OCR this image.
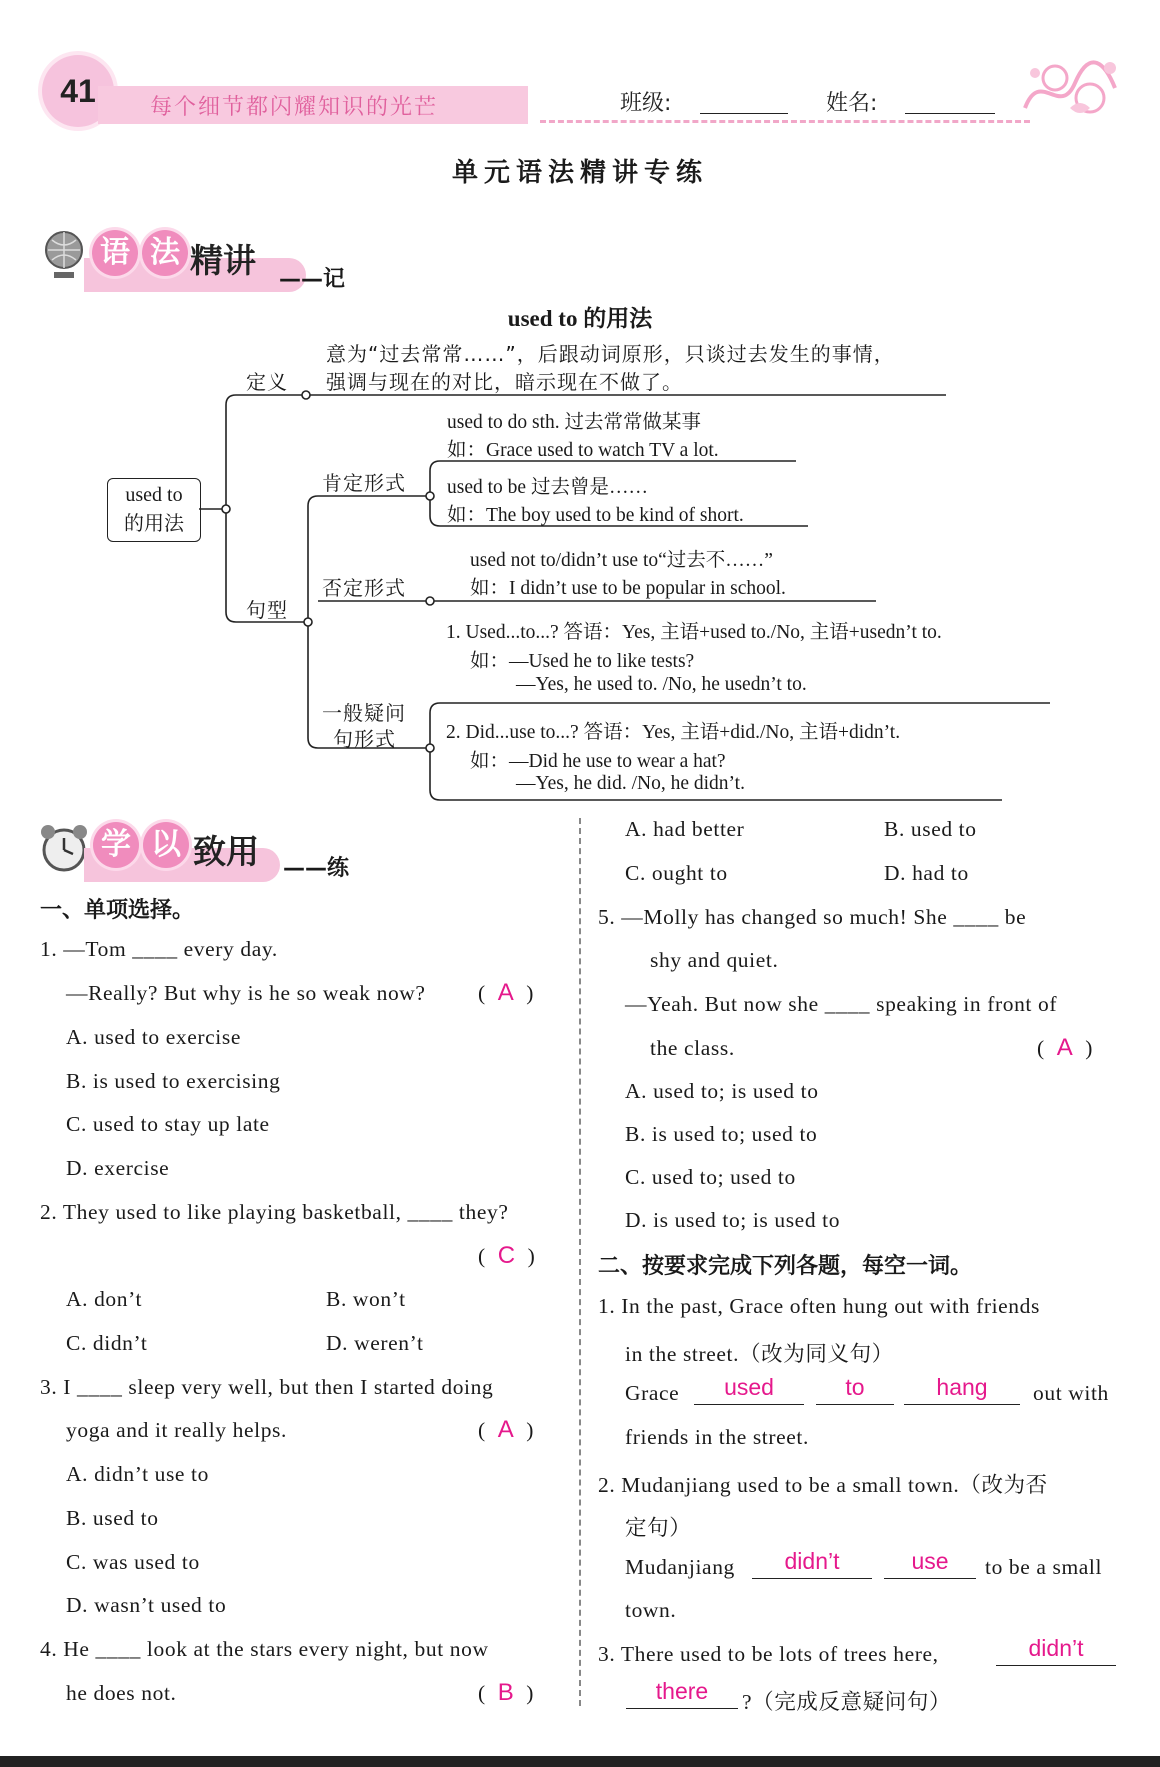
41	每个细节都闪耀知识的光芒	班级:	姓名:
单元语法精讲专练
语 法 精讲 ——记
used to 的用法
used to
的用法
定义
意为“过去常常……”，后跟动词原形，只谈过去发生的事情，
强调与现在的对比，暗示现在不做了。
句型
肯定形式
used to do sth. 过去常常做某事
如：Grace used to watch TV a lot.
used to be 过去曾是……
如：The boy used to be kind of short.
否定形式
used not to/didn’t use to“过去不……”
如：I didn’t use to be popular in school.
一般疑问
句形式
1. Used...to...? 答语：Yes, 主语+used to./No, 主语+usedn’t to.
如：—Used he to like tests?
—Yes, he used to. /No, he usedn’t to.
2. Did...use to...? 答语：Yes, 主语+did./No, 主语+didn’t.
如：—Did he use to wear a hat?
—Yes, he did. /No, he didn’t.
学 以 致用 ——练
一、单项选择。
1. —Tom ____ every day.
—Really? But why is he so weak now? (  A  )
A. used to exercise
B. is used to exercising
C. used to stay up late
D. exercise
2. They used to like playing basketball, ____ they?
(  C  )
A. don’t	B. won’t
C. didn’t	D. weren’t
3. I ____ sleep very well, but then I started doing
yoga and it really helps.	(  A  )
A. didn’t use to
B. used to
C. was used to
D. wasn’t used to
4. He ____ look at the stars every night, but now
he does not.	(  B  )
A. had better	B. used to
C. ought to	D. had to
5. —Molly has changed so much! She ____ be
shy and quiet.
—Yeah. But now she ____ speaking in front of
the class.	(  A  )
A. used to; is used to
B. is used to; used to
C. used to; used to
D. is used to; is used to
二、按要求完成下列各题，每空一词。
1. In the past, Grace often hung out with friends
in the street.（改为同义句）
Grace	used	to	hang	out with
friends in the street.
2. Mudanjiang used to be a small town.（改为否
定句）
Mudanjiang	didn’t	use	to be a small
town.
3. There used to be lots of trees here,	didn’t
there	?（完成反意疑问句）
